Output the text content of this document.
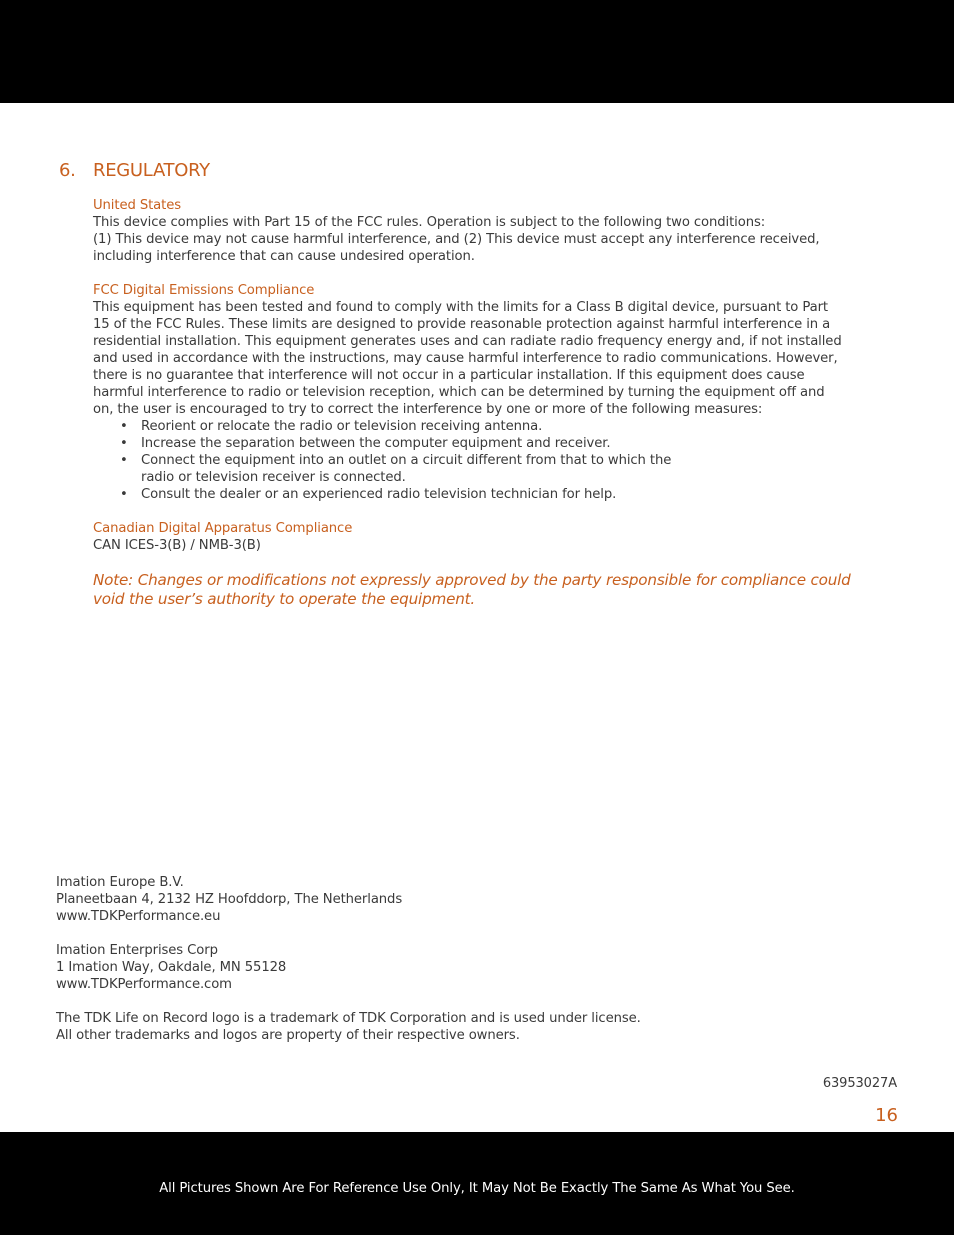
6. REGULATORY

United States

This device complies with Part 15 of the FCC rules. Operation is subject to the following two conditions:
(1) This device may not cause harmful interference, and (2) This device must accept any interference received,
including interference that can cause undesired operation.

FCC Digital Emissions Compliance

This equipment has been tested and found to comply with the limits for a Class B digital device, pursuant to Part
15 of the FCC Rules. These limits are designed to provide reasonable protection against harmful interference in a
residential installation. This equipment generates uses and can radiate radio frequency energy and, if not installed
and used in accordance with the instructions, may cause harmful interference to radio communications. However,
there is no guarantee that interference will not occur in a particular installation. If this equipment does cause
harmful interference to radio or television reception, which can be determined by turning the equipment off and
on, the user is encouraged to try to correct the interference by one or more of the following measures:

• Reorient or relocate the radio or television receiving antenna.
• Increase the separation between the computer equipment and receiver.
• Connect the equipment into an outlet on a circuit different from that to which the
radio or television receiver is connected.
• Consult the dealer or an experienced radio television technician for help.

Canadian Digital Apparatus Compliance

CAN ICES-3(B) / NMB-3(B)

Note: Changes or modifications not expressly approved by the party responsible for compliance could
void the user’s authority to operate the equipment.

Imation Europe B.V.
Planeetbaan 4, 2132 HZ Hoofddorp, The Netherlands
www.TDKPerformance.eu
Imation Enterprises Corp
1 Imation Way, Oakdale, MN 55128
www.TDKPerformance.com
The TDK Life on Record logo is a trademark of TDK Corporation and is used under license.
All other trademarks and logos are property of their respective owners.
63953027A
16
All Pictures Shown Are For Reference Use Only, It May Not Be Exactly The Same As What You See.
